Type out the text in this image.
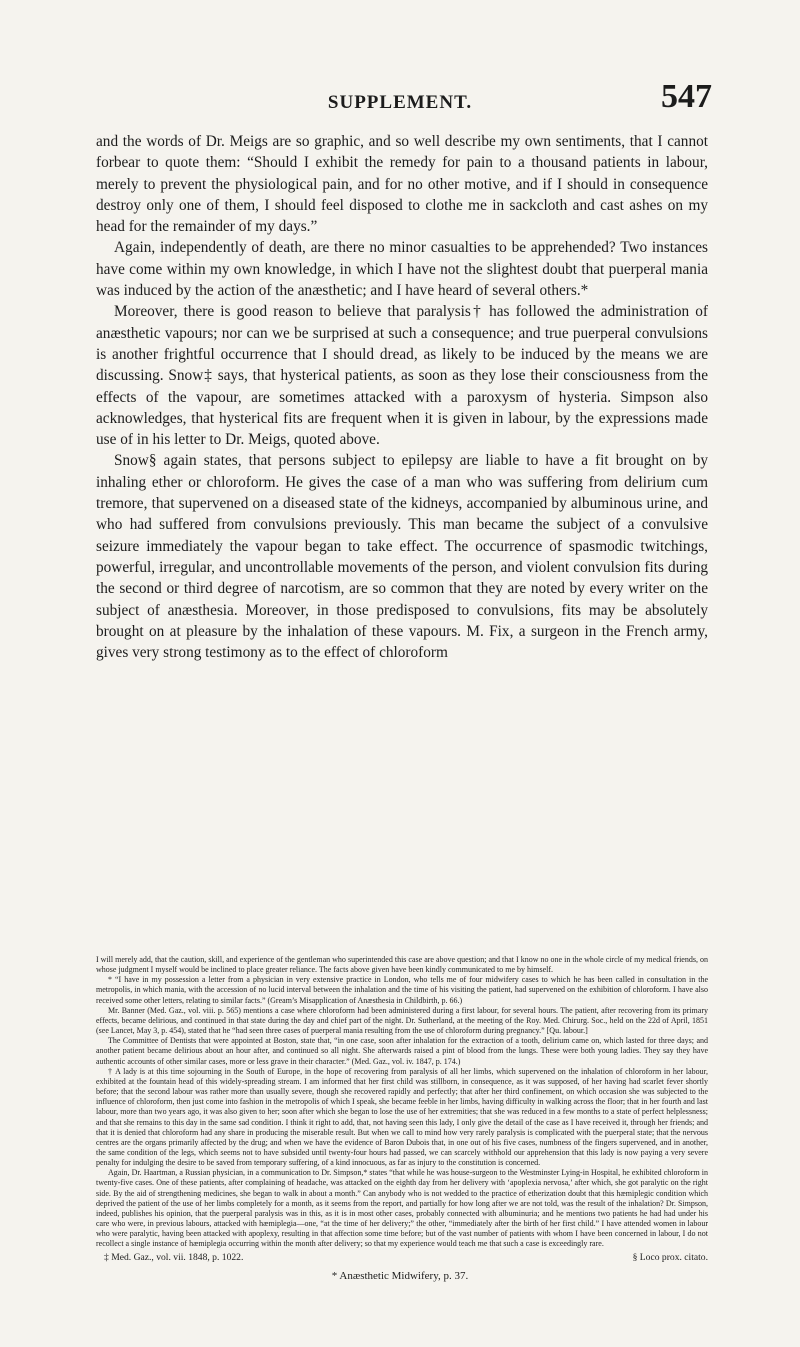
SUPPLEMENT.	547

and the words of Dr. Meigs are so graphic, and so well describe my own sentiments, that I cannot forbear to quote them: “Should I exhibit the remedy for pain to a thousand patients in labour, merely to prevent the physiological pain, and for no other motive, and if I should in consequence destroy only one of them, I should feel disposed to clothe me in sackcloth and cast ashes on my head for the remainder of my days.”

Again, independently of death, are there no minor casualties to be apprehended? Two instances have come within my own knowledge, in which I have not the slightest doubt that puerperal mania was induced by the action of the anæsthetic; and I have heard of several others.*

Moreover, there is good reason to believe that paralysis† has followed the administration of anæsthetic vapours; nor can we be surprised at such a consequence; and true puerperal convulsions is another frightful occurrence that I should dread, as likely to be induced by the means we are discussing. Snow‡ says, that hysterical patients, as soon as they lose their consciousness from the effects of the vapour, are sometimes attacked with a paroxysm of hysteria. Simpson also acknowledges, that hysterical fits are frequent when it is given in labour, by the expressions made use of in his letter to Dr. Meigs, quoted above.

Snow§ again states, that persons subject to epilepsy are liable to have a fit brought on by inhaling ether or chloroform. He gives the case of a man who was suffering from delirium cum tremore, that supervened on a diseased state of the kidneys, accompanied by albuminous urine, and who had suffered from convulsions previously. This man became the subject of a convulsive seizure immediately the vapour began to take effect. The occurrence of spasmodic twitchings, powerful, irregular, and uncontrollable movements of the person, and violent convulsion fits during the second or third degree of narcotism, are so common that they are noted by every writer on the subject of anæsthesia. Moreover, in those predisposed to convulsions, fits may be absolutely brought on at pleasure by the inhalation of these vapours. M. Fix, a surgeon in the French army, gives very strong testimony as to the effect of chloroform

I will merely add, that the caution, skill, and experience of the gentleman who superintended this case are above question; and that I know no one in the whole circle of my medical friends, on whose judgment I myself would be inclined to place greater reliance. The facts above given have been kindly communicated to me by himself.

* “I have in my possession a letter from a physician in very extensive practice in London, who tells me of four midwifery cases to which he has been called in consultation in the metropolis, in which mania, with the accession of no lucid interval between the inhalation and the time of his visiting the patient, had supervened on the exhibition of chloroform. I have also received some other letters, relating to similar facts.” (Gream’s Misapplication of Anæsthesia in Childbirth, p. 66.)

Mr. Banner (Med. Gaz., vol. viii. p. 565) mentions a case where chloroform had been administered during a first labour, for several hours. The patient, after recovering from its primary effects, became delirious, and continued in that state during the day and chief part of the night. Dr. Sutherland, at the meeting of the Roy. Med. Chirurg. Soc., held on the 22d of April, 1851 (see Lancet, May 3, p. 454), stated that he “had seen three cases of puerperal mania resulting from the use of chloroform during pregnancy.” [Qu. labour.]

The Committee of Dentists that were appointed at Boston, state that, “in one case, soon after inhalation for the extraction of a tooth, delirium came on, which lasted for three days; and another patient became delirious about an hour after, and continued so all night. She afterwards raised a pint of blood from the lungs. These were both young ladies. They say they have authentic accounts of other similar cases, more or less grave in their character.” (Med. Gaz., vol. iv. 1847, p. 174.)

† A lady is at this time sojourning in the South of Europe, in the hope of recovering from paralysis of all her limbs, which supervened on the inhalation of chloroform in her labour, exhibited at the fountain head of this widely-spreading stream. I am informed that her first child was stillborn, in consequence, as it was supposed, of her having had scarlet fever shortly before; that the second labour was rather more than usually severe, though she recovered rapidly and perfectly; that after her third confinement, on which occasion she was subjected to the influence of chloroform, then just come into fashion in the metropolis of which I speak, she became feeble in her limbs, having difficulty in walking across the floor; that in her fourth and last labour, more than two years ago, it was also given to her; soon after which she began to lose the use of her extremities; that she was reduced in a few months to a state of perfect helplessness; and that she remains to this day in the same sad condition. I think it right to add, that, not having seen this lady, I only give the detail of the case as I have received it, through her friends; and that it is denied that chloroform had any share in producing the miserable result. But when we call to mind how very rarely paralysis is complicated with the puerperal state; that the nervous centres are the organs primarily affected by the drug; and when we have the evidence of Baron Dubois that, in one out of his five cases, numbness of the fingers supervened, and in another, the same condition of the legs, which seems not to have subsided until twenty-four hours had passed, we can scarcely withhold our apprehension that this lady is now paying a very severe penalty for indulging the desire to be saved from temporary suffering, of a kind innocuous, as far as injury to the constitution is concerned.

Again, Dr. Haartman, a Russian physician, in a communication to Dr. Simpson,* states “that while he was house-surgeon to the Westminster Lying-in Hospital, he exhibited chloroform in twenty-five cases. One of these patients, after complaining of headache, was attacked on the eighth day from her delivery with ‘apoplexia nervosa,’ after which, she got paralytic on the right side. By the aid of strengthening medicines, she began to walk in about a month.” Can anybody who is not wedded to the practice of etherization doubt that this hæmiplegic condition which deprived the patient of the use of her limbs completely for a month, as it seems from the report, and partially for how long after we are not told, was the result of the inhalation? Dr. Simpson, indeed, publishes his opinion, that the puerperal paralysis was in this, as it is in most other cases, probably connected with albuminuria; and he mentions two patients he had had under his care who were, in previous labours, attacked with hæmiplegia—one, “at the time of her delivery;” the other, “immediately after the birth of her first child.” I have attended women in labour who were paralytic, having been attacked with apoplexy, resulting in that affection some time before; but of the vast number of patients with whom I have been concerned in labour, I do not recollect a single instance of hæmiplegia occurring within the month after delivery; so that my experience would teach me that such a case is exceedingly rare.

‡ Med. Gaz., vol. vii. 1848, p. 1022.	§ Loco prox. citato.
* Anæsthetic Midwifery, p. 37.
